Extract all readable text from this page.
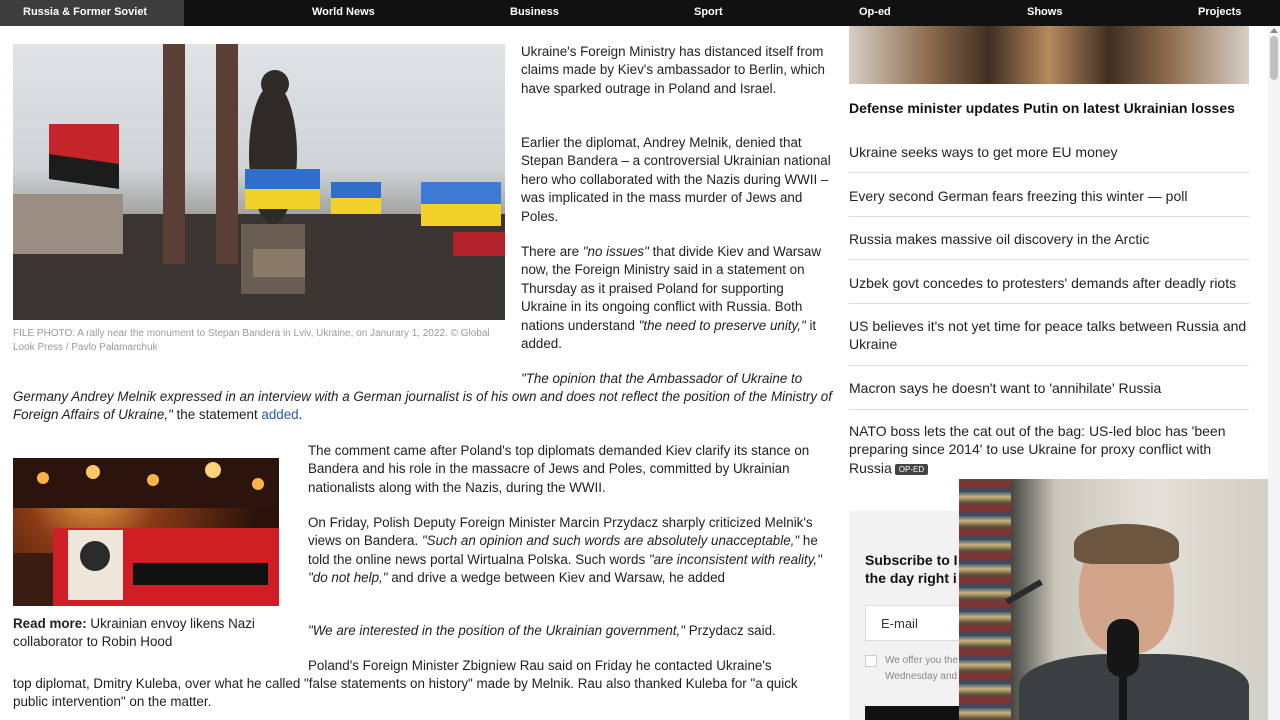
Russia & Former Soviet Union
World News	Business	Sport	Op-ed	Shows	Projects
FILE PHOTO: A rally near the monument to Stepan Bandera in Lviv, Ukraine, on Janurary 1, 2022. © Global Look Press / Pavlo Palamarchuk
Ukraine's Foreign Ministry has distanced itself from claims made by Kiev's ambassador to Berlin, which have sparked outrage in Poland and Israel.
Earlier the diplomat, Andrey Melnik, denied that Stepan Bandera – a controversial Ukrainian national hero who collaborated with the Nazis during WWII – was implicated in the mass murder of Jews and Poles.
There are "no issues" that divide Kiev and Warsaw now, the Foreign Ministry said in a statement on Thursday as it praised Poland for supporting Ukraine in its ongoing conflict with Russia. Both nations understand "the need to preserve unity," it added.
"The opinion that the Ambassador of Ukraine to
Germany Andrey Melnik expressed in an interview with a German journalist is of his own and does not reflect the position of the Ministry of Foreign Affairs of Ukraine," the statement added.
Read more: Ukrainian envoy likens Nazi collaborator to Robin Hood
The comment came after Poland's top diplomats demanded Kiev clarify its stance on Bandera and his role in the massacre of Jews and Poles, committed by Ukrainian nationalists along with the Nazis, during the WWII.
On Friday, Polish Deputy Foreign Minister Marcin Przydacz sharply criticized Melnik's views on Bandera. "Such an opinion and such words are absolutely unacceptable," he told the online news portal Wirtualna Polska. Such words "are inconsistent with reality," "do not help," and drive a wedge between Kiev and Warsaw, he added
"We are interested in the position of the Ukrainian government," Przydacz said.
Poland's Foreign Minister Zbigniew Rau said on Friday he contacted Ukraine's
top diplomat, Dmitry Kuleba, over what he called "false statements on history" made by Melnik. Rau also thanked Kuleba for "a quick public intervention" on the matter.
Defense minister updates Putin on latest Ukrainian losses
Ukraine seeks ways to get more EU money
Every second German fears freezing this winter — poll
Russia makes massive oil discovery in the Arctic
Uzbek govt concedes to protesters' demands after deadly riots
US believes it's not yet time for peace talks between Russia and Ukraine
Macron says he doesn't want to 'annihilate' Russia
NATO boss lets the cat out of the bag: US-led bloc has 'been preparing since 2014' to use Ukraine for proxy conflict with Russia OP-ED
Subscribe to I the day right i
E-mail
We offer you the Wednesday and
